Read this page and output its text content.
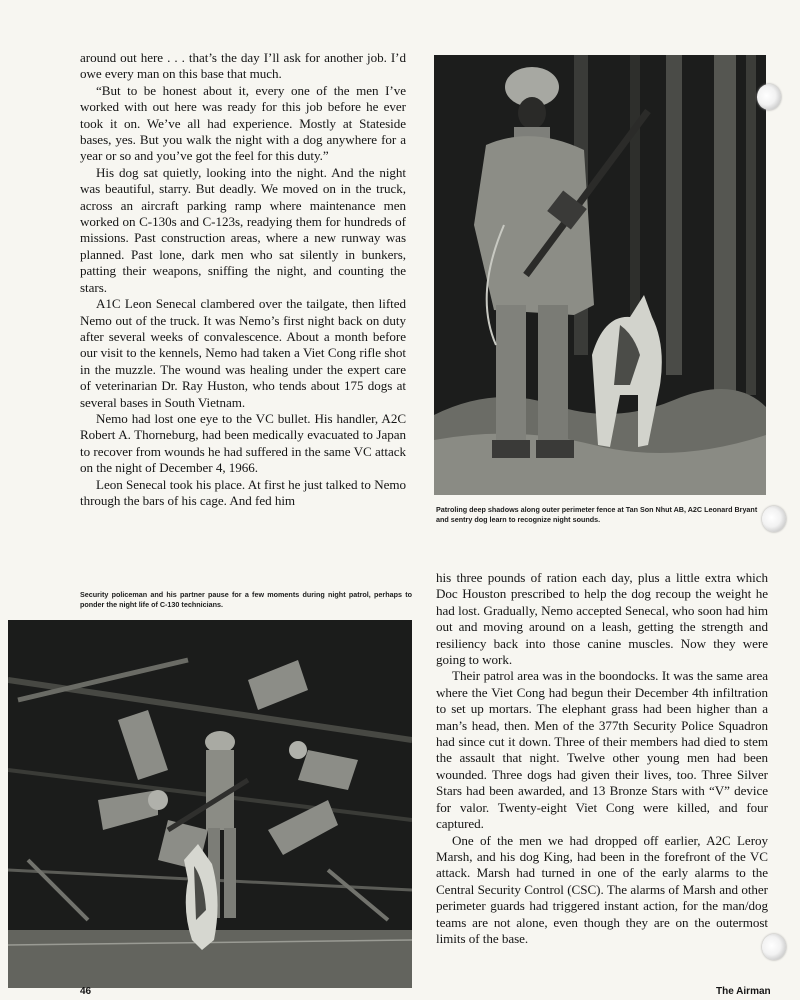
around out here . . . that’s the day I’ll ask for another job. I’d owe every man on this base that much.

“But to be honest about it, every one of the men I’ve worked with out here was ready for this job before he ever took it on. We’ve all had experience. Mostly at Stateside bases, yes. But you walk the night with a dog anywhere for a year or so and you’ve got the feel for this duty.”

His dog sat quietly, looking into the night. And the night was beautiful, starry. But deadly. We moved on in the truck, across an aircraft parking ramp where maintenance men worked on C-130s and C-123s, readying them for hundreds of missions. Past construction areas, where a new runway was planned. Past lone, dark men who sat silently in bunkers, patting their weapons, sniffing the night, and counting the stars.

A1C Leon Senecal clambered over the tailgate, then lifted Nemo out of the truck. It was Nemo’s first night back on duty after several weeks of convalescence. About a month before our visit to the kennels, Nemo had taken a Viet Cong rifle shot in the muzzle. The wound was healing under the expert care of veterinarian Dr. Ray Huston, who tends about 175 dogs at several bases in South Vietnam.

Nemo had lost one eye to the VC bullet. His handler, A2C Robert A. Thorneburg, had been medically evacuated to Japan to recover from wounds he had suffered in the same VC attack on the night of December 4, 1966.

Leon Senecal took his place. At first he just talked to Nemo through the bars of his cage. And fed him

Patroling deep shadows along outer perimeter fence at Tan Son Nhut AB, A2C Leonard Bryant and sentry dog learn to recognize night sounds.
Security policeman and his partner pause for a few moments during night patrol, perhaps to ponder the night life of C-130 technicians.

his three pounds of ration each day, plus a little extra which Doc Houston prescribed to help the dog recoup the weight he had lost. Gradually, Nemo accepted Senecal, who soon had him out and moving around on a leash, getting the strength and resiliency back into those canine muscles. Now they were going to work.

Their patrol area was in the boondocks. It was the same area where the Viet Cong had begun their December 4th infiltration to set up mortars. The elephant grass had been higher than a man’s head, then. Men of the 377th Security Police Squadron had since cut it down. Three of their members had died to stem the assault that night. Twelve other young men had been wounded. Three dogs had given their lives, too. Three Silver Stars had been awarded, and 13 Bronze Stars with “V” device for valor. Twenty-eight Viet Cong were killed, and four captured.

One of the men we had dropped off earlier, A2C Leroy Marsh, and his dog King, had been in the forefront of the VC attack. Marsh had turned in one of the early alarms to the Central Security Control (CSC). The alarms of Marsh and other perimeter guards had triggered instant action, for the man/dog teams are not alone, even though they are on the outermost limits of the base.

46	The Airman
